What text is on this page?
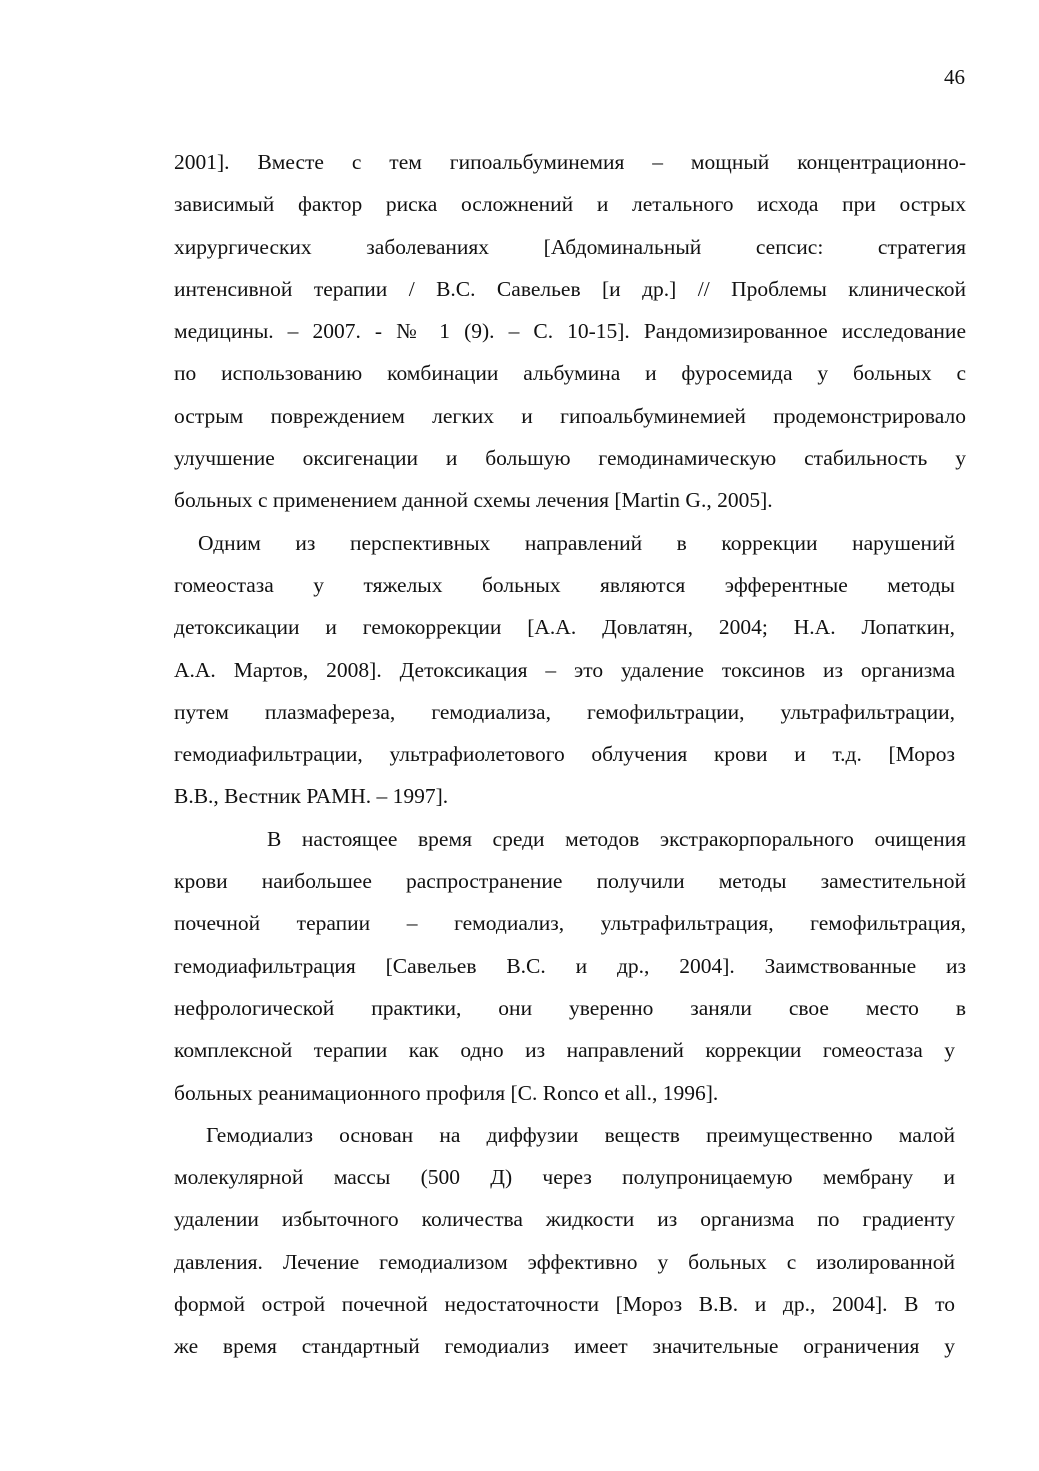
46
2001]. Вместе с тем гипоальбуминемия – мощный концентрационно-
зависимый фактор риска осложнений и летального исхода при острых
хирургических заболеваниях [Абдоминальный сепсис: стратегия
интенсивной терапии / В.С. Савельев [и др.] // Проблемы клинической
медицины. – 2007. - № 1 (9). – С. 10-15]. Рандомизированное исследование
по использованию комбинации альбумина и фуросемида у больных с
острым повреждением легких и гипоальбуминемией продемонстрировало
улучшение оксигенации и большую гемодинамическую стабильность у
больных с применением данной схемы лечения [Martin G., 2005].
Одним из перспективных направлений в коррекции нарушений
гомеостаза у тяжелых больных являются эфферентные методы
детоксикации и гемокоррекции [А.А. Довлатян, 2004; Н.А. Лопаткин,
А.А. Мартов, 2008]. Детоксикация – это удаление токсинов из организма
путем плазмафереза, гемодиализа, гемофильтрации, ультрафильтрации,
гемодиафильтрации, ультрафиолетового облучения крови и т.д. [Мороз
В.В., Вестник РАМН. – 1997].
В настоящее время среди методов экстракорпорального очищения
крови наибольшее распространение получили методы заместительной
почечной терапии – гемодиализ, ультрафильтрация, гемофильтрация,
гемодиафильтрация [Савельев В.С. и др., 2004]. Заимствованные из
нефрологической практики, они уверенно заняли свое место в
комплексной терапии как одно из направлений коррекции гомеостаза у
больных реанимационного профиля [C. Ronco et all., 1996].
Гемодиализ основан на диффузии веществ преимущественно малой
молекулярной массы (500 Д) через полупроницаемую мембрану и
удалении избыточного количества жидкости из организма по градиенту
давления. Лечение гемодиализом эффективно у больных с изолированной
формой острой почечной недостаточности [Мороз В.В. и др., 2004]. В то
же время стандартный гемодиализ имеет значительные ограничения у
